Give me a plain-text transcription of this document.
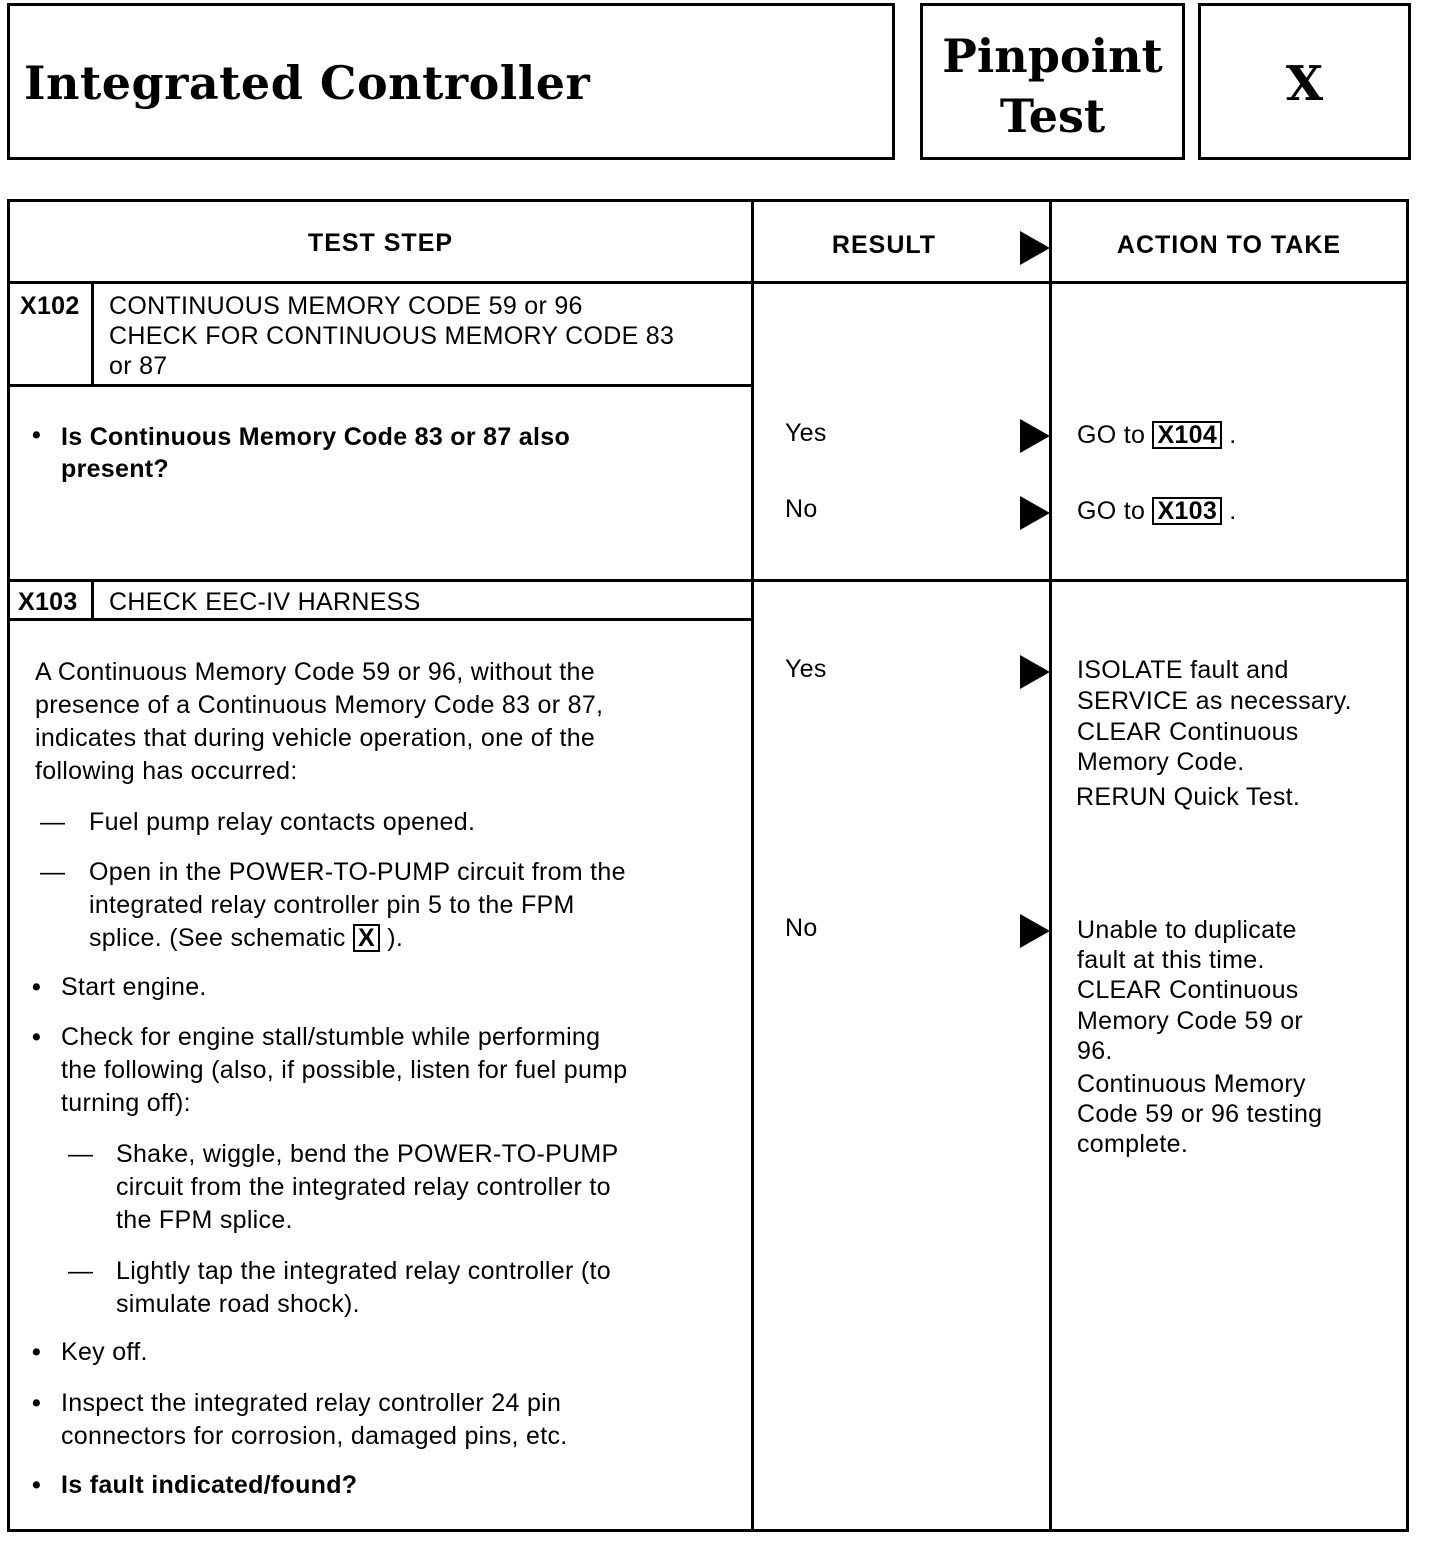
Integrated Controller	Pinpoint
Test
X
TEST STEP	RESULT	ACTION TO TAKE
X102 CONTINUOUS MEMORY CODE 59 or 96
CHECK FOR CONTINUOUS MEMORY CODE 83
or 87
• Is Continuous Memory Code 83 or 87 also
present?
Yes	GO to X104 .
No	GO to X103 .
X103 CHECK EEC-IV HARNESS
A Continuous Memory Code 59 or 96, without the
presence of a Continuous Memory Code 83 or 87,
indicates that during vehicle operation, one of the
following has occurred:
— Fuel pump relay contacts opened.
— Open in the POWER-TO-PUMP circuit from the
integrated relay controller pin 5 to the FPM
splice. (See schematic X ).
• Start engine.
• Check for engine stall/stumble while performing
the following (also, if possible, listen for fuel pump
turning off):
— Shake, wiggle, bend the POWER-TO-PUMP
circuit from the integrated relay controller to
the FPM splice.
— Lightly tap the integrated relay controller (to
simulate road shock).
• Key off.
• Inspect the integrated relay controller 24 pin
connectors for corrosion, damaged pins, etc.
• Is fault indicated/found?
Yes	ISOLATE fault and
SERVICE as necessary.
CLEAR Continuous
Memory Code.
RERUN Quick Test.
No	Unable to duplicate
fault at this time.
CLEAR Continuous
Memory Code 59 or
96.
Continuous Memory
Code 59 or 96 testing
complete.
